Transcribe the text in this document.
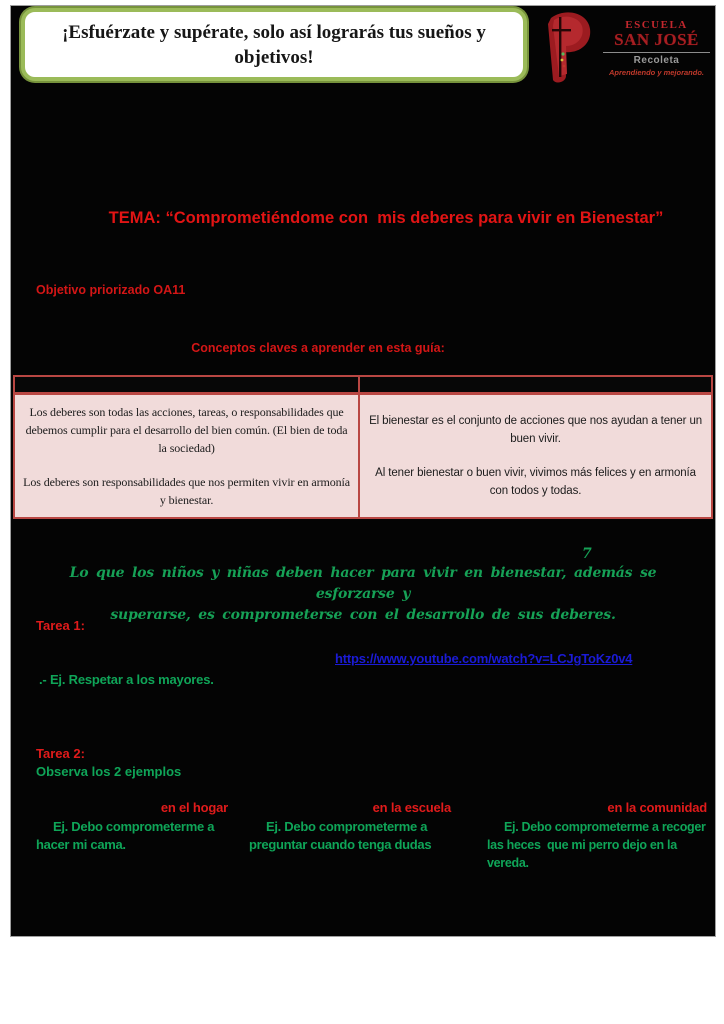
¡Esfuérzate y supérate, solo así lograrás tus sueños y objetivos!
ESCUELA
SAN JOSÉ
Recoleta
Aprendiendo y mejorando.
TEMA: “Comprometiéndome con  mis deberes para vivir en Bienestar”
Objetivo priorizado OA11
Conceptos claves a aprender en esta guía:

Los deberes son todas las acciones, tareas, o responsabilidades que debemos cumplir para el desarrollo del bien común. (El bien de toda la sociedad)

Los deberes son responsabilidades que nos permiten vivir en armonía y bienestar.

El bienestar es el conjunto de acciones que nos ayudan a tener un buen vivir.

Al tener bienestar o buen vivir, vivimos más felices y en armonía con todos y todas.

7
Lo que los niños y niñas deben hacer para vivir en bienestar, además se esforzarse y
superarse, es comprometerse con el desarrollo de sus deberes.
Tarea 1:
https://www.youtube.com/watch?v=LCJgToKz0v4
.- Ej. Respetar a los mayores.
Tarea 2:
Observa los 2 ejemplos
en el hogar
Ej. Debo comprometerme a hacer mi cama.
en la escuela
Ej. Debo comprometerme a preguntar cuando tenga dudas
en la comunidad
Ej. Debo comprometerme a recoger las heces  que mi perro dejo en la vereda.
